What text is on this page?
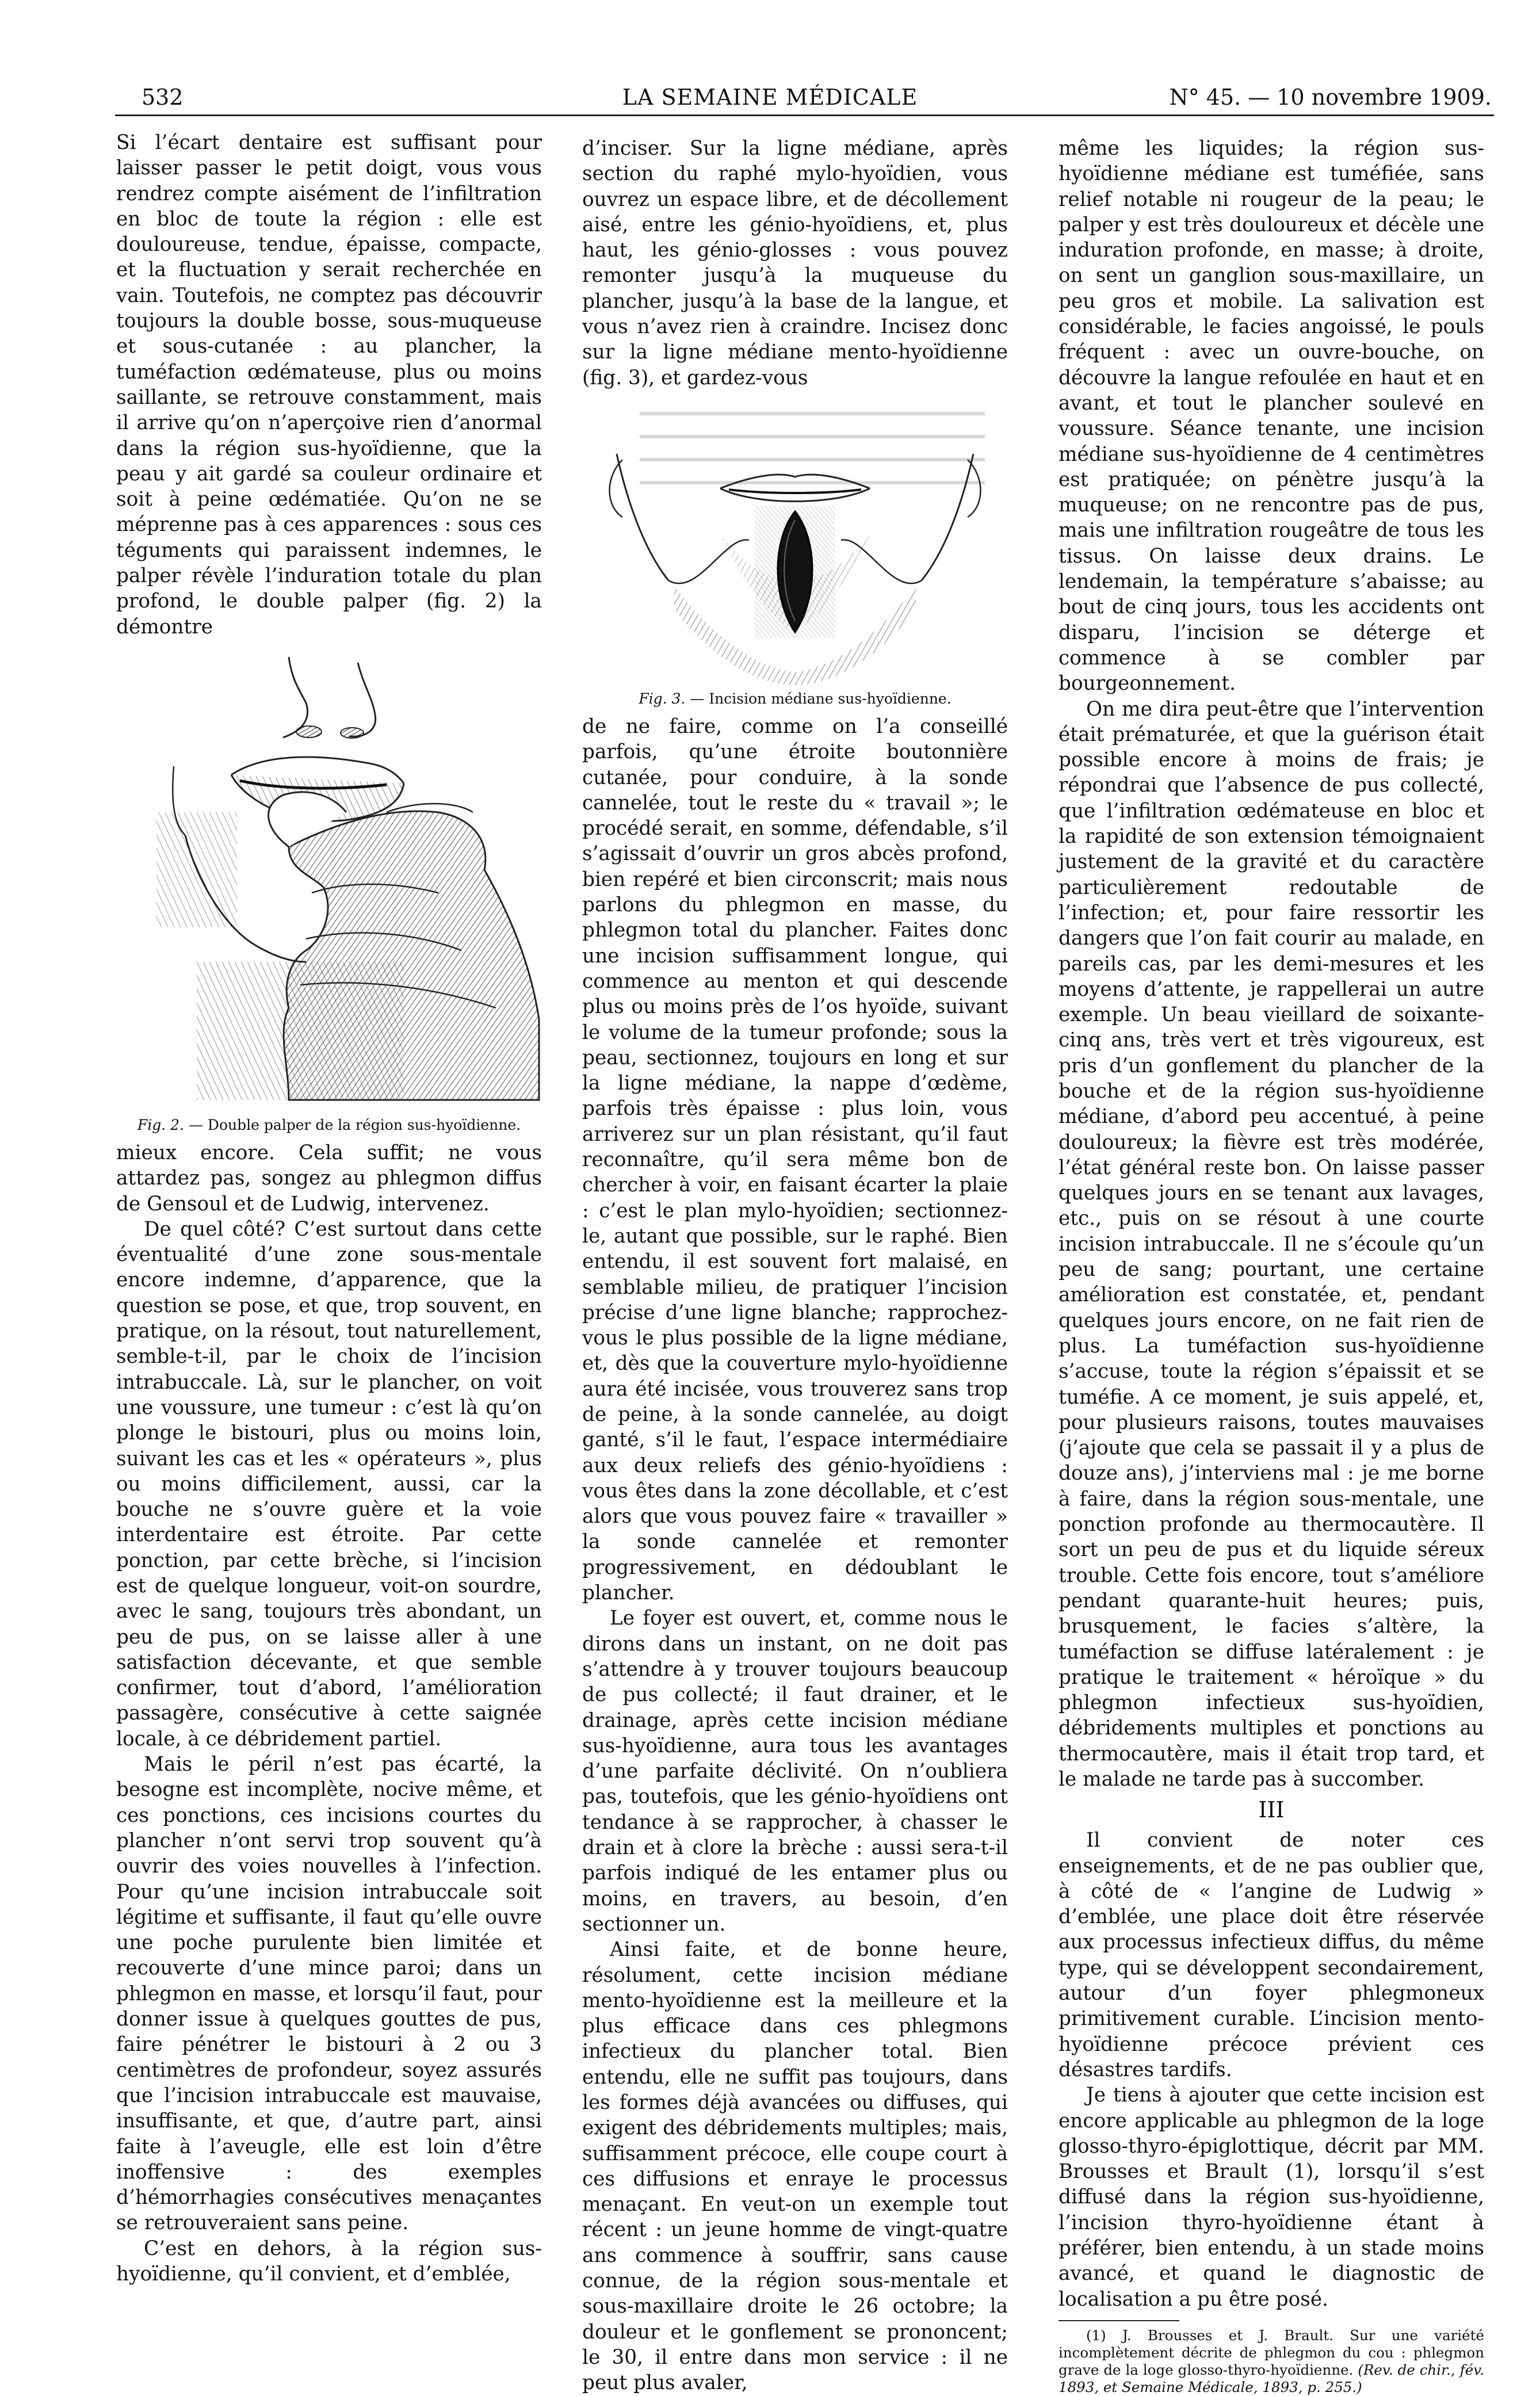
532	LA SEMAINE MÉDICALE	N° 45. — 10 novembre 1909.

Si l’écart dentaire est suffisant pour laisser passer le petit doigt, vous vous rendrez compte aisément de l’infiltration en bloc de toute la région : elle est douloureuse, tendue, épaisse, compacte, et la fluctuation y serait recherchée en vain. Toutefois, ne comptez pas découvrir toujours la double bosse, sous-muqueuse et sous-cutanée : au plancher, la tuméfaction œdémateuse, plus ou moins saillante, se retrouve constamment, mais il arrive qu’on n’aperçoive rien d’anormal dans la région sus-hyoïdienne, que la peau y ait gardé sa couleur ordinaire et soit à peine œdématiée. Qu’on ne se méprenne pas à ces apparences : sous ces téguments qui paraissent indemnes, le palper révèle l’induration totale du plan profond, le double palper (fig. 2) la démontre

Fig. 2. — Double palper de la région sus-hyoïdienne.

mieux encore. Cela suffit; ne vous attardez pas, songez au phlegmon diffus de Gensoul et de Ludwig, intervenez.

De quel côté? C’est surtout dans cette éventualité d’une zone sous-mentale encore indemne, d’apparence, que la question se pose, et que, trop souvent, en pratique, on la résout, tout naturellement, semble-t-il, par le choix de l’incision intrabuccale. Là, sur le plancher, on voit une voussure, une tumeur : c’est là qu’on plonge le bistouri, plus ou moins loin, suivant les cas et les « opérateurs », plus ou moins difficilement, aussi, car la bouche ne s’ouvre guère et la voie interdentaire est étroite. Par cette ponction, par cette brèche, si l’incision est de quelque longueur, voit-on sourdre, avec le sang, toujours très abondant, un peu de pus, on se laisse aller à une satisfaction décevante, et que semble confirmer, tout d’abord, l’amélioration passagère, consécutive à cette saignée locale, à ce débridement partiel.

Mais le péril n’est pas écarté, la besogne est incomplète, nocive même, et ces ponctions, ces incisions courtes du plancher n’ont servi trop souvent qu’à ouvrir des voies nouvelles à l’infection. Pour qu’une incision intrabuccale soit légitime et suffisante, il faut qu’elle ouvre une poche purulente bien limitée et recouverte d’une mince paroi; dans un phlegmon en masse, et lorsqu’il faut, pour donner issue à quelques gouttes de pus, faire pénétrer le bistouri à 2 ou 3 centimètres de profondeur, soyez assurés que l’incision intrabuccale est mauvaise, insuffisante, et que, d’autre part, ainsi faite à l’aveugle, elle est loin d’être inoffensive : des exemples d’hémorrhagies consécutives menaçantes se retrouveraient sans peine.

C’est en dehors, à la région sus-hyoïdienne, qu’il convient, et d’emblée,

d’inciser. Sur la ligne médiane, après section du raphé mylo-hyoïdien, vous ouvrez un espace libre, et de décollement aisé, entre les génio-hyoïdiens, et, plus haut, les génio-glosses : vous pouvez remonter jusqu’à la muqueuse du plancher, jusqu’à la base de la langue, et vous n’avez rien à craindre. Incisez donc sur la ligne médiane mento-hyoïdienne (fig. 3), et gardez-vous

Fig. 3. — Incision médiane sus-hyoïdienne.

de ne faire, comme on l’a conseillé parfois, qu’une étroite boutonnière cutanée, pour conduire, à la sonde cannelée, tout le reste du « travail »; le procédé serait, en somme, défendable, s’il s’agissait d’ouvrir un gros abcès profond, bien repéré et bien circonscrit; mais nous parlons du phlegmon en masse, du phlegmon total du plancher. Faites donc une incision suffisamment longue, qui commence au menton et qui descende plus ou moins près de l’os hyoïde, suivant le volume de la tumeur profonde; sous la peau, sectionnez, toujours en long et sur la ligne médiane, la nappe d’œdème, parfois très épaisse : plus loin, vous arriverez sur un plan résistant, qu’il faut reconnaître, qu’il sera même bon de chercher à voir, en faisant écarter la plaie : c’est le plan mylo-hyoïdien; sectionnez-le, autant que possible, sur le raphé. Bien entendu, il est souvent fort malaisé, en semblable milieu, de pratiquer l’incision précise d’une ligne blanche; rapprochez-vous le plus possible de la ligne médiane, et, dès que la couverture mylo-hyoïdienne aura été incisée, vous trouverez sans trop de peine, à la sonde cannelée, au doigt ganté, s’il le faut, l’espace intermédiaire aux deux reliefs des génio-hyoïdiens : vous êtes dans la zone décollable, et c’est alors que vous pouvez faire « travailler » la sonde cannelée et remonter progressivement, en dédoublant le plancher.

Le foyer est ouvert, et, comme nous le dirons dans un instant, on ne doit pas s’attendre à y trouver toujours beaucoup de pus collecté; il faut drainer, et le drainage, après cette incision médiane sus-hyoïdienne, aura tous les avantages d’une parfaite déclivité. On n’oubliera pas, toutefois, que les génio-hyoïdiens ont tendance à se rapprocher, à chasser le drain et à clore la brèche : aussi sera-t-il parfois indiqué de les entamer plus ou moins, en travers, au besoin, d’en sectionner un.

Ainsi faite, et de bonne heure, résolument, cette incision médiane mento-hyoïdienne est la meilleure et la plus efficace dans ces phlegmons infectieux du plancher total. Bien entendu, elle ne suffit pas toujours, dans les formes déjà avancées ou diffuses, qui exigent des débridements multiples; mais, suffisamment précoce, elle coupe court à ces diffusions et enraye le processus menaçant. En veut-on un exemple tout récent : un jeune homme de vingt-quatre ans commence à souffrir, sans cause connue, de la région sous-mentale et sous-maxillaire droite le 26 octobre; la douleur et le gonflement se prononcent; le 30, il entre dans mon service : il ne peut plus avaler,

même les liquides; la région sus-hyoïdienne médiane est tuméfiée, sans relief notable ni rougeur de la peau; le palper y est très douloureux et décèle une induration profonde, en masse; à droite, on sent un ganglion sous-maxillaire, un peu gros et mobile. La salivation est considérable, le facies angoissé, le pouls fréquent : avec un ouvre-bouche, on découvre la langue refoulée en haut et en avant, et tout le plancher soulevé en voussure. Séance tenante, une incision médiane sus-hyoïdienne de 4 centimètres est pratiquée; on pénètre jusqu’à la muqueuse; on ne rencontre pas de pus, mais une infiltration rougeâtre de tous les tissus. On laisse deux drains. Le lendemain, la température s’abaisse; au bout de cinq jours, tous les accidents ont disparu, l’incision se déterge et commence à se combler par bourgeonnement.

On me dira peut-être que l’intervention était prématurée, et que la guérison était possible encore à moins de frais; je répondrai que l’absence de pus collecté, que l’infiltration œdémateuse en bloc et la rapidité de son extension témoignaient justement de la gravité et du caractère particulièrement redoutable de l’infection; et, pour faire ressortir les dangers que l’on fait courir au malade, en pareils cas, par les demi-mesures et les moyens d’attente, je rappellerai un autre exemple. Un beau vieillard de soixante-cinq ans, très vert et très vigoureux, est pris d’un gonflement du plancher de la bouche et de la région sus-hyoïdienne médiane, d’abord peu accentué, à peine douloureux; la fièvre est très modérée, l’état général reste bon. On laisse passer quelques jours en se tenant aux lavages, etc., puis on se résout à une courte incision intrabuccale. Il ne s’écoule qu’un peu de sang; pourtant, une certaine amélioration est constatée, et, pendant quelques jours encore, on ne fait rien de plus. La tuméfaction sus-hyoïdienne s’accuse, toute la région s’épaissit et se tuméfie. A ce moment, je suis appelé, et, pour plusieurs raisons, toutes mauvaises (j’ajoute que cela se passait il y a plus de douze ans), j’interviens mal : je me borne à faire, dans la région sous-mentale, une ponction profonde au thermocautère. Il sort un peu de pus et du liquide séreux trouble. Cette fois encore, tout s’améliore pendant quarante-huit heures; puis, brusquement, le facies s’altère, la tuméfaction se diffuse latéralement : je pratique le traitement « héroïque » du phlegmon infectieux sus-hyoïdien, débridements multiples et ponctions au thermocautère, mais il était trop tard, et le malade ne tarde pas à succomber.

III

Il convient de noter ces enseignements, et de ne pas oublier que, à côté de « l’angine de Ludwig » d’emblée, une place doit être réservée aux processus infectieux diffus, du même type, qui se développent secondairement, autour d’un foyer phlegmoneux primitivement curable. L’incision mento-hyoïdienne précoce prévient ces désastres tardifs.

Je tiens à ajouter que cette incision est encore applicable au phlegmon de la loge glosso-thyro-épiglottique, décrit par MM. Brousses et Brault (1), lorsqu’il s’est diffusé dans la région sus-hyoïdienne, l’incision thyro-hyoïdienne étant à préférer, bien entendu, à un stade moins avancé, et quand le diagnostic de localisation a pu être posé.

(1) J. Brousses et J. Brault. Sur une variété incomplètement décrite de phlegmon du cou : phlegmon grave de la loge glosso-thyro-hyoïdienne. (Rev. de chir., fév. 1893, et Semaine Médicale, 1893, p. 255.)
